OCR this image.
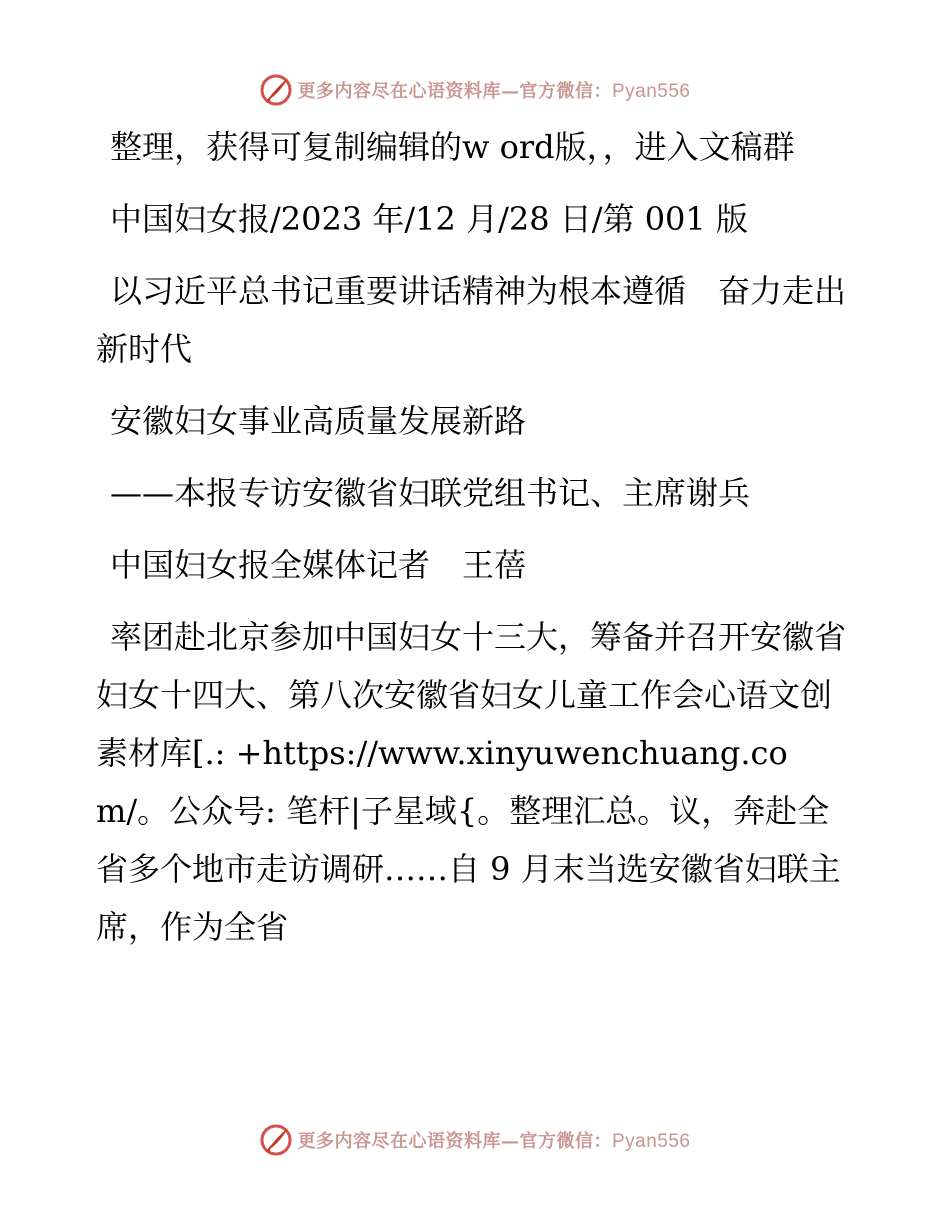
更多内容尽在心语资料库—官方微信：Pyan556

整理，获得可复制编辑的w ord版，，进入文稿群

中国妇女报/2023 年/12 月/28 日/第 001 版

以习近平总书记重要讲话精神为根本遵循　奋力走出新时代

安徽妇女事业高质量发展新路

——本报专访安徽省妇联党组书记、主席谢兵

中国妇女报全媒体记者　王蓓

率团赴北京参加中国妇女十三大，筹备并召开安徽省妇女十四大、第八次安徽省妇女儿童工作会心语文创素材库[.: +https://www.xinyuwenchuang.com/。公众号: 笔杆|子星域{。整理汇总。议，奔赴全省多个地市走访调研……自 9 月末当选安徽省妇联主席，作为全省

更多内容尽在心语资料库—官方微信：Pyan556
